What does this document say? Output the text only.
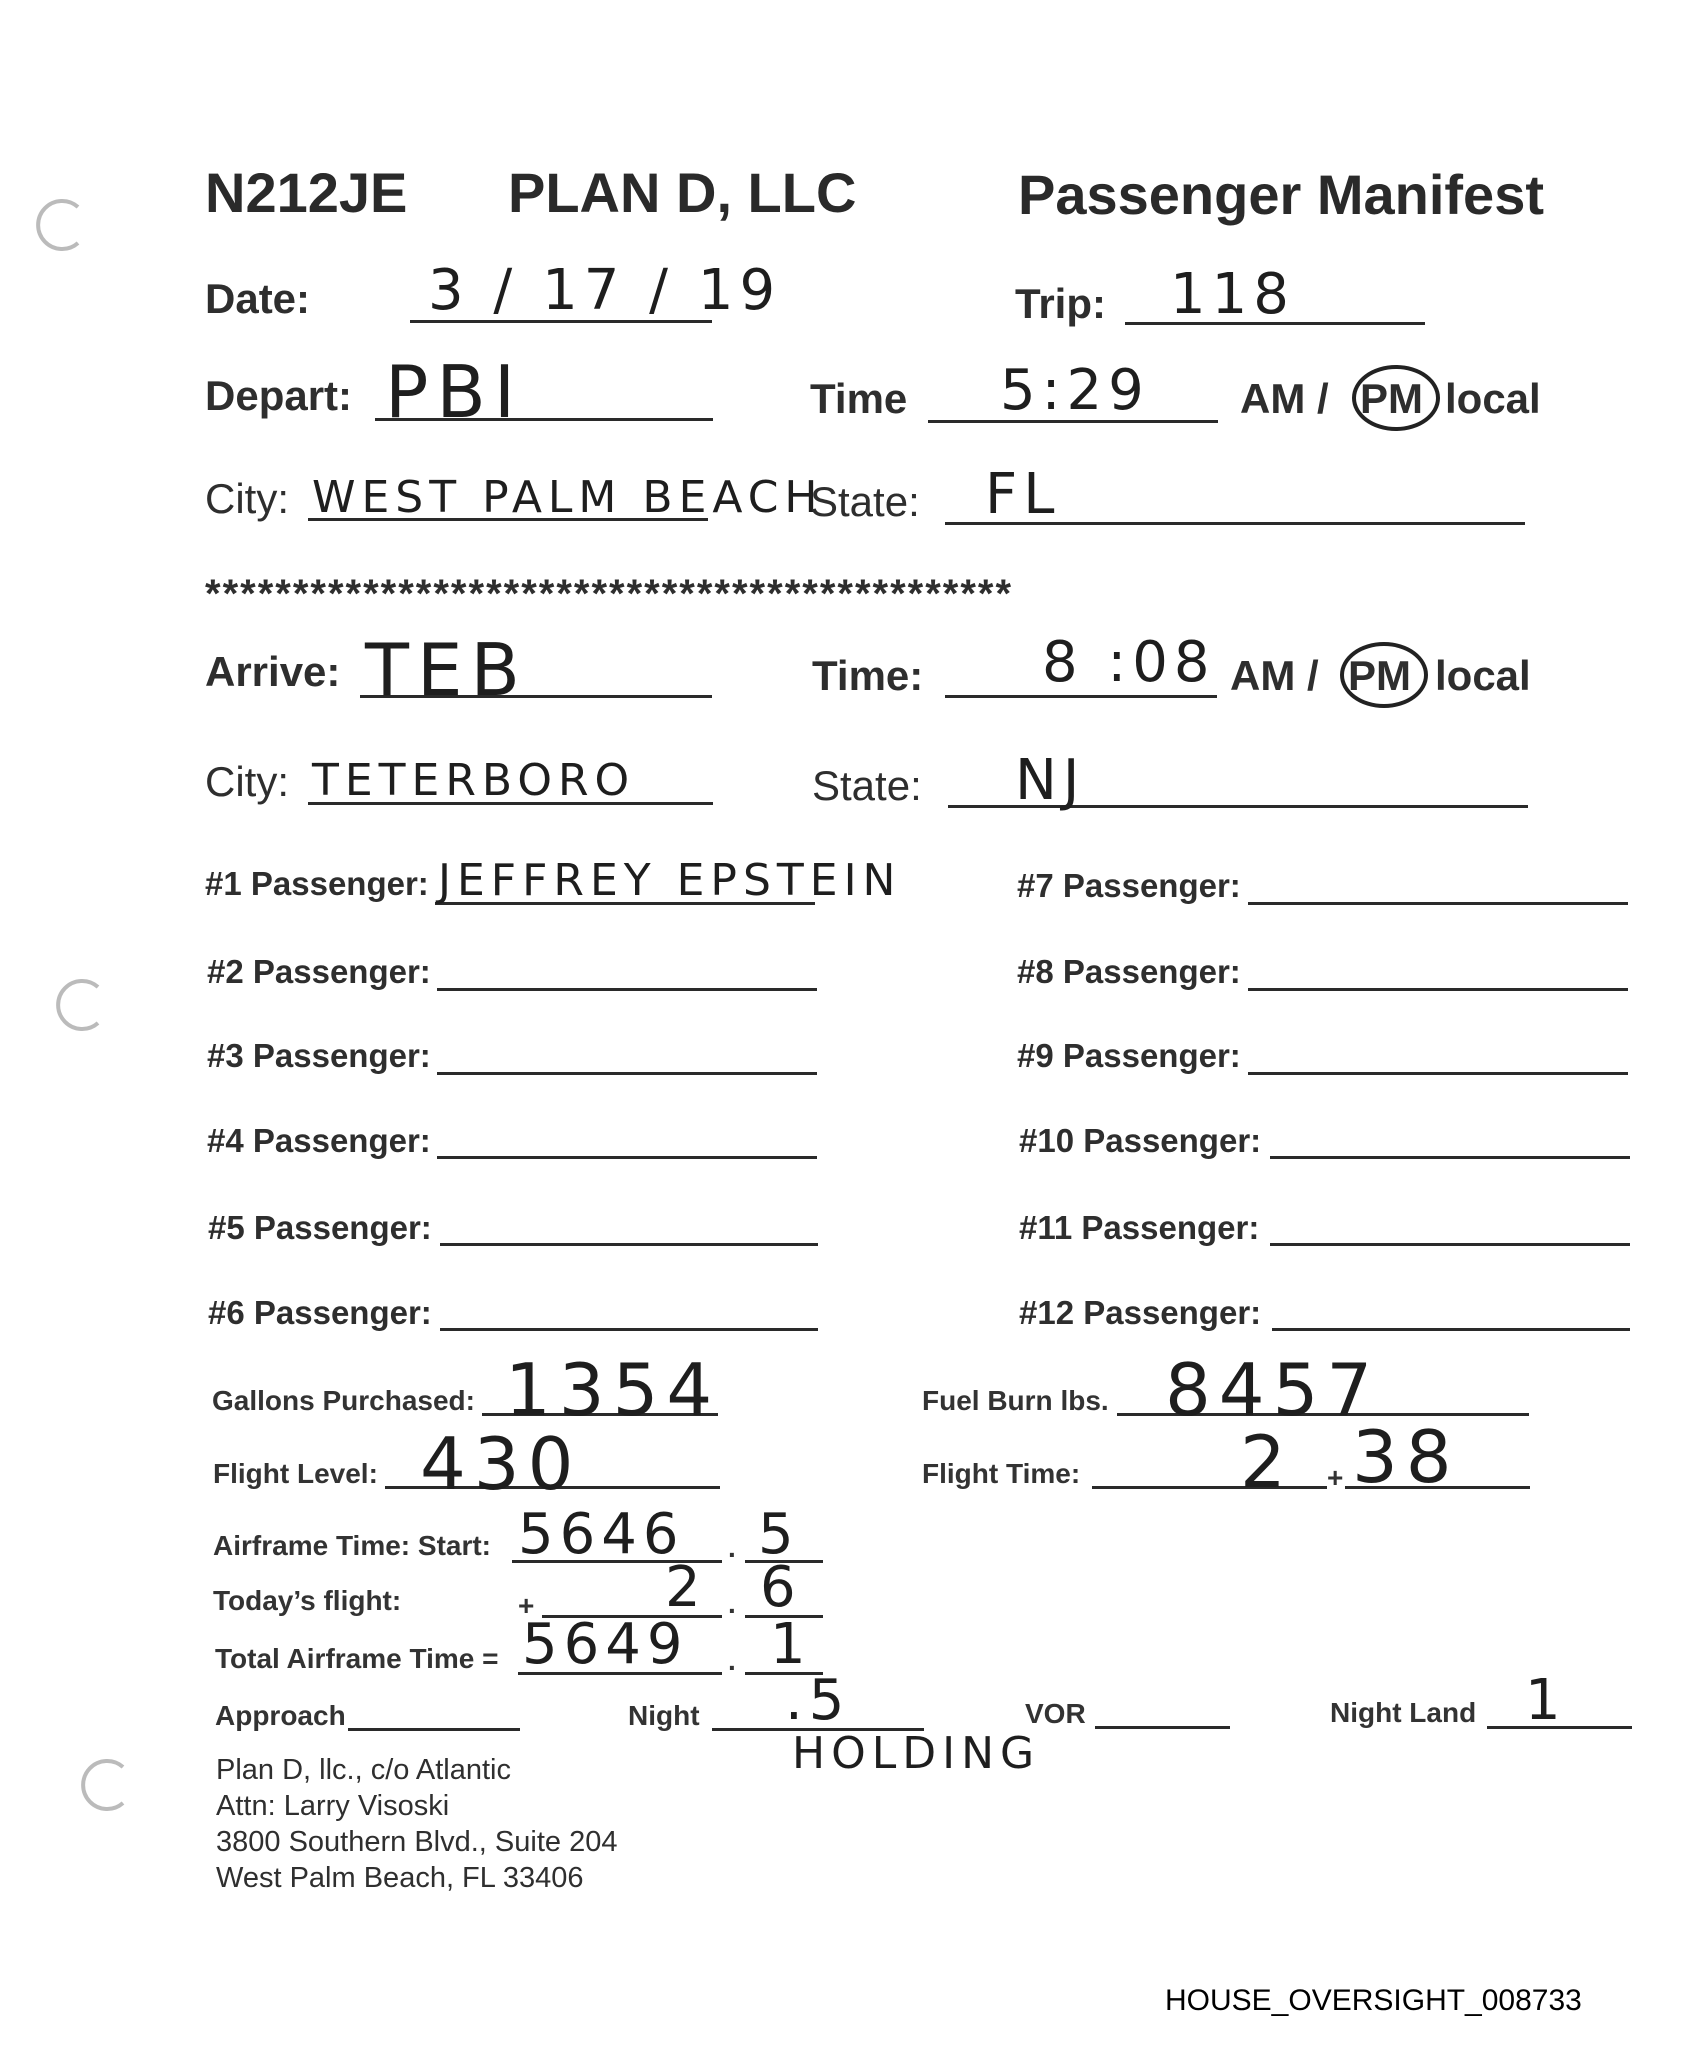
N212JE PLAN D, LLC	Passenger Manifest
Date: 3 / 17 / 19	Trip: 118
Depart: PBI	Time 5:29 AM / PM local
City: WEST PALM BEACH
State: FL
**********************************************
Arrive: TEB	Time: 8 :08 AM / PM local
City: TETERBORO	State: NJ
#1 Passenger: JEFFREY EPSTEIN
#2 Passenger:
#3 Passenger:
#4 Passenger:
#5 Passenger:
#6 Passenger:
#7 Passenger:
#8 Passenger:
#9 Passenger:
#10 Passenger:
#11 Passenger:
#12 Passenger:
Gallons Purchased: 1354	Fuel Burn lbs. 8457
Flight Level: 430	Flight Time: 2 + 38
Airframe Time: Start: 5646 . 5
Today’s flight:	+ 2 . 6
Total Airframe Time = 5649 . 1
Approach	Night .5	VOR	Night Land 1
HOLDING
Plan D, llc., c/o Atlantic
Attn: Larry Visoski
3800 Southern Blvd., Suite 204
West Palm Beach, FL 33406
HOUSE_OVERSIGHT_008733
